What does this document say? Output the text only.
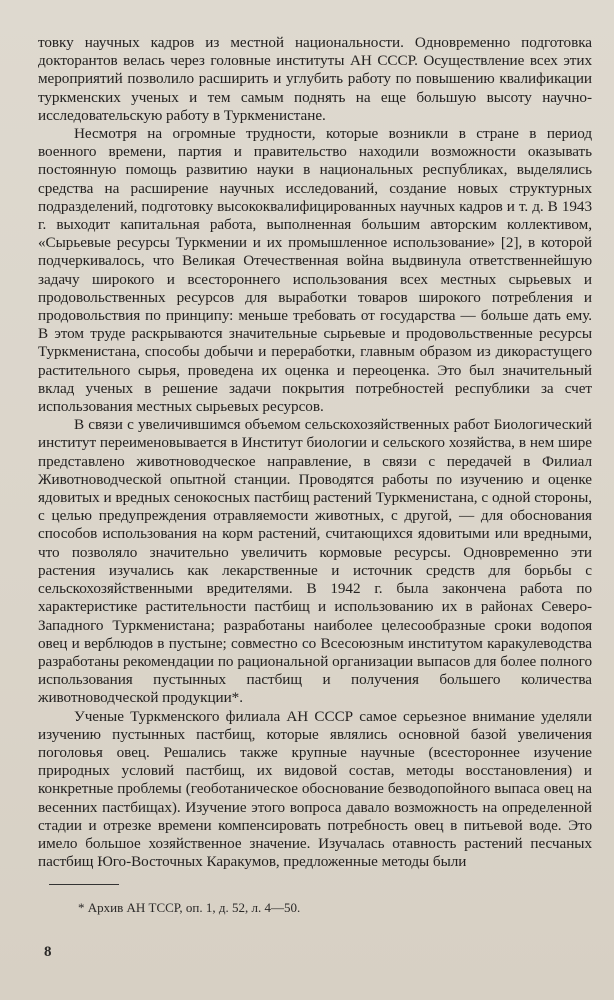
товку научных кадров из местной национальности. Одновременно подготовка докторантов велась через головные институты АН СССР. Осуществление всех этих мероприятий позволило расширить и углубить работу по повышению квалификации туркменских ученых и тем самым поднять на еще большую высоту научно-исследовательскую работу в Туркменистане.

Несмотря на огромные трудности, которые возникли в стране в период военного времени, партия и правительство находили возможности оказывать постоянную помощь развитию науки в национальных республиках, выделялись средства на расширение научных исследований, создание новых структурных подразделений, подготовку высококвалифицированных научных кадров и т. д. В 1943 г. выходит капитальная работа, выполненная большим авторским коллективом, «Сырьевые ресурсы Туркмении и их промышленное использование» [2], в которой подчеркивалось, что Великая Отечественная война выдвинула ответственнейшую задачу широкого и всестороннего использования всех местных сырьевых и продовольственных ресурсов для выработки товаров широкого потребления и продовольствия по принципу: меньше требовать от государства — больше дать ему. В этом труде раскрываются значительные сырьевые и продовольственные ресурсы Туркменистана, способы добычи и переработки, главным образом из дикорастущего растительного сырья, проведена их оценка и переоценка. Это был значительный вклад ученых в решение задачи покрытия потребностей республики за счет использования местных сырьевых ресурсов.

В связи с увеличившимся объемом сельскохозяйственных работ Биологический институт переименовывается в Институт биологии и сельского хозяйства, в нем шире представлено животноводческое направление, в связи с передачей в Филиал Животноводческой опытной станции. Проводятся работы по изучению и оценке ядовитых и вредных сенокосных пастбищ растений Туркменистана, с одной стороны, с целью предупреждения отравляемости животных, с другой, — для обоснования способов использования на корм растений, считающихся ядовитыми или вредными, что позволяло значительно увеличить кормовые ресурсы. Одновременно эти растения изучались как лекарственные и источник средств для борьбы с сельскохозяйственными вредителями. В 1942 г. была закончена работа по характеристике растительности пастбищ и использованию их в районах Северо-Западного Туркменистана; разработаны наиболее целесообразные сроки водопоя овец и верблюдов в пустыне; совместно со Всесоюзным институтом каракулеводства разработаны рекомендации по рациональной организации выпасов для более полного использования пустынных пастбищ и получения большего количества животноводческой продукции*.

Ученые Туркменского филиала АН СССР самое серьезное внимание уделяли изучению пустынных пастбищ, которые являлись основной базой увеличения поголовья овец. Решались также крупные научные (всестороннее изучение природных условий пастбищ, их видовой состав, методы восстановления) и конкретные проблемы (геоботаническое обоснование безводопойного выпаса овец на весенних пастбищах). Изучение этого вопроса давало возможность на определенной стадии и отрезке времени компенсировать потребность овец в питьевой воде. Это имело большое хозяйственное значение. Изучалась отавность растений песчаных пастбищ Юго-Восточных Каракумов, предложенные методы были

* Архив АН ТССР, оп. 1, д. 52, л. 4—50.
8
